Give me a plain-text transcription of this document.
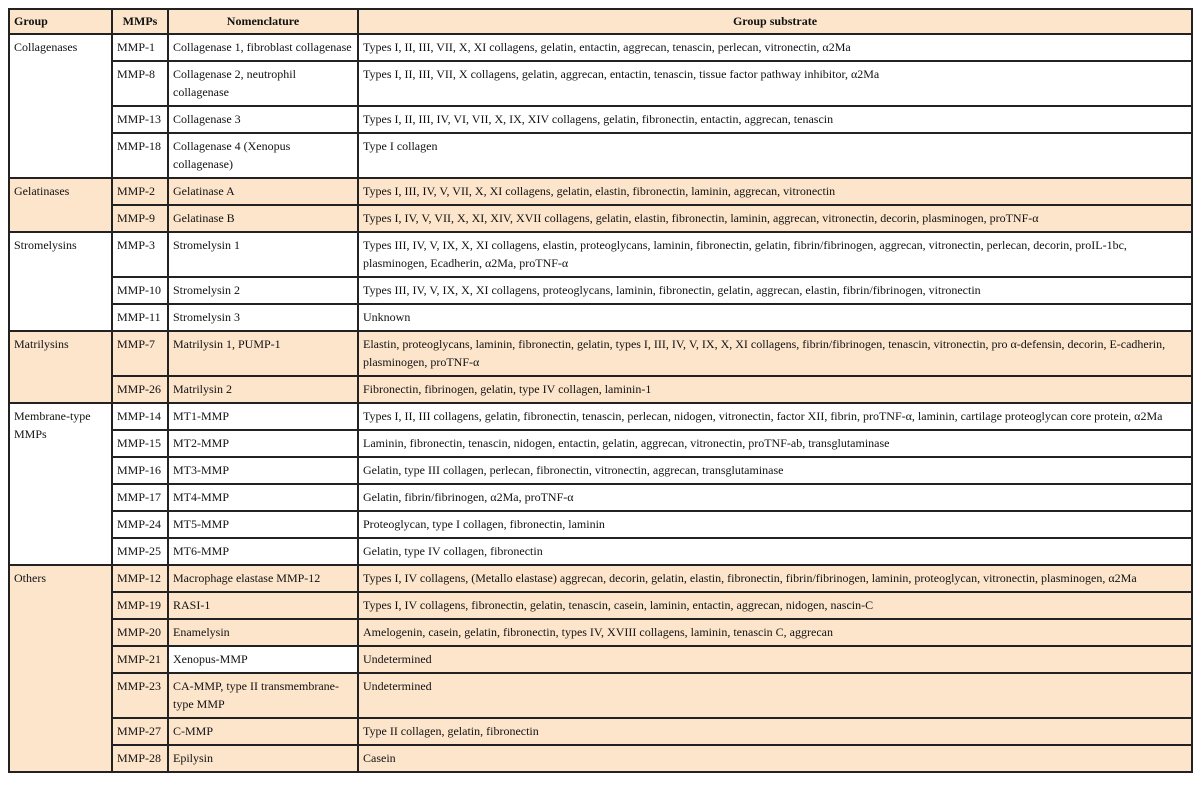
Group	MMPs	Nomenclature	Group substrate
Collagenases	MMP-1	Collagenase 1, fibroblast collagenase	Types I, II, III, VII, X, XI collagens, gelatin, entactin, aggrecan, tenascin, perlecan, vitronectin, α2Ma
	MMP-8	Collagenase 2, neutrophil collagenase	Types I, II, III, VII, X collagens, gelatin, aggrecan, entactin, tenascin, tissue factor pathway inhibitor, α2Ma
	MMP-13	Collagenase 3	Types I, II, III, IV, VI, VII, X, IX, XIV collagens, gelatin, fibronectin, entactin, aggrecan, tenascin
	MMP-18	Collagenase 4 (Xenopus collagenase)	Type I collagen
Gelatinases	MMP-2	Gelatinase A	Types I, III, IV, V, VII, X, XI collagens, gelatin, elastin, fibronectin, laminin, aggrecan, vitronectin
	MMP-9	Gelatinase B	Types I, IV, V, VII, X, XI, XIV, XVII collagens, gelatin, elastin, fibronectin, laminin, aggrecan, vitronectin, decorin, plasminogen, proTNF-α
Stromelysins	MMP-3	Stromelysin 1	Types III, IV, V, IX, X, XI collagens, elastin, proteoglycans, laminin, fibronectin, gelatin, fibrin/fibrinogen, aggrecan, vitronectin, perlecan, decorin, proIL-1bc, plasminogen, Ecadherin, α2Ma, proTNF-α
	MMP-10	Stromelysin 2	Types III, IV, V, IX, X, XI collagens, proteoglycans, laminin, fibronectin, gelatin, aggrecan, elastin, fibrin/fibrinogen, vitronectin
	MMP-11	Stromelysin 3	Unknown
Matrilysins	MMP-7	Matrilysin 1, PUMP-1	Elastin, proteoglycans, laminin, fibronectin, gelatin, types I, III, IV, V, IX, X, XI collagens, fibrin/fibrinogen, tenascin, vitronectin, pro α-defensin, decorin, E-cadherin, plasminogen, proTNF-α
	MMP-26	Matrilysin 2	Fibronectin, fibrinogen, gelatin, type IV collagen, laminin-1
Membrane-type MMPs	MMP-14	MT1-MMP	Types I, II, III collagens, gelatin, fibronectin, tenascin, perlecan, nidogen, vitronectin, factor XII, fibrin, proTNF-α, laminin, cartilage proteoglycan core protein, α2Ma
	MMP-15	MT2-MMP	Laminin, fibronectin, tenascin, nidogen, entactin, gelatin, aggrecan, vitronectin, proTNF-ab, transglutaminase
	MMP-16	MT3-MMP	Gelatin, type III collagen, perlecan, fibronectin, vitronectin, aggrecan, transglutaminase
	MMP-17	MT4-MMP	Gelatin, fibrin/fibrinogen, α2Ma, proTNF-α
	MMP-24	MT5-MMP	Proteoglycan, type I collagen, fibronectin, laminin
	MMP-25	MT6-MMP	Gelatin, type IV collagen, fibronectin
Others	MMP-12	Macrophage elastase MMP-12	Types I, IV collagens, (Metallo elastase) aggrecan, decorin, gelatin, elastin, fibronectin, fibrin/fibrinogen, laminin, proteoglycan, vitronectin, plasminogen, α2Ma
	MMP-19	RASI-1	Types I, IV collagens, fibronectin, gelatin, tenascin, casein, laminin, entactin, aggrecan, nidogen, nascin-C
	MMP-20	Enamelysin	Amelogenin, casein, gelatin, fibronectin, types IV, XVIII collagens, laminin, tenascin C, aggrecan
	MMP-21	Xenopus-MMP	Undetermined
	MMP-23	CA-MMP, type II transmembrane-type MMP	Undetermined
	MMP-27	C-MMP	Type II collagen, gelatin, fibronectin
	MMP-28	Epilysin	Casein
